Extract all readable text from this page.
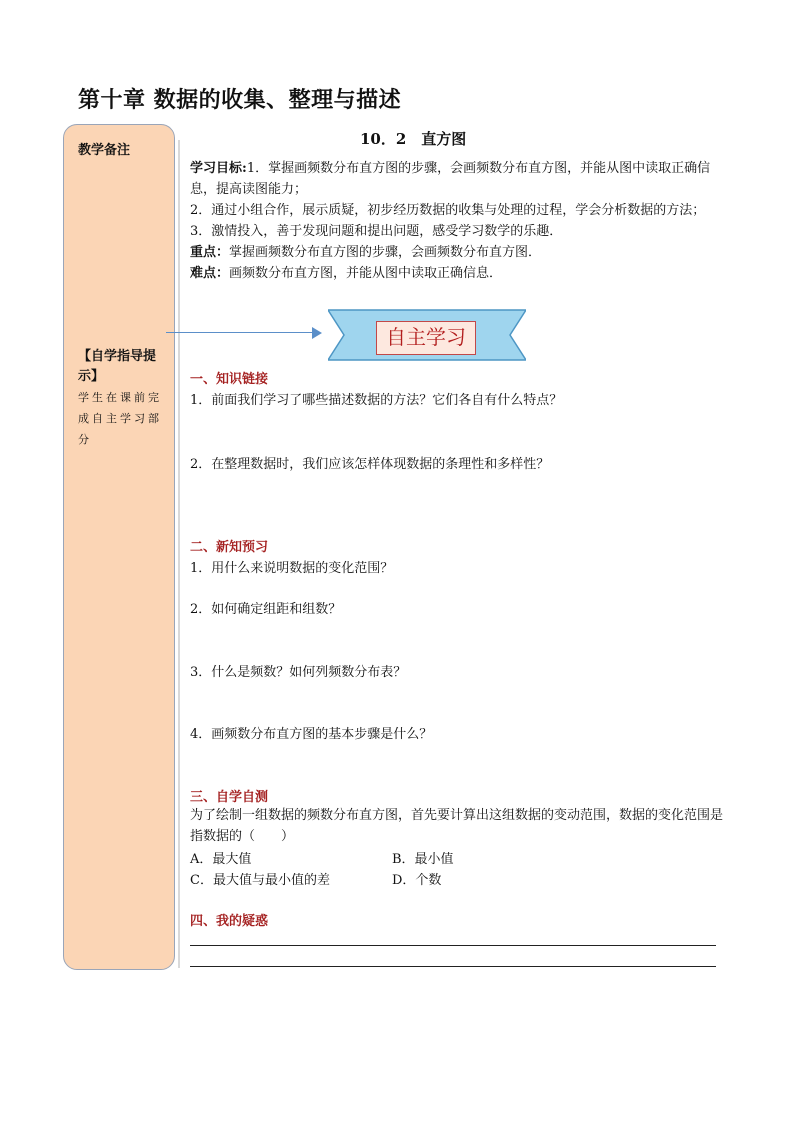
第十章 数据的收集、整理与描述
教学备注
【自学指导提示】
学生在课前完成自主学习部分
10．2　直方图
学习目标:1．掌握画频数分布直方图的步骤，会画频数分布直方图，并能从图中读取正确信息，提高读图能力；
2．通过小组合作，展示质疑，初步经历数据的收集与处理的过程，学会分析数据的方法；
3．激情投入，善于发现问题和提出问题，感受学习数学的乐趣．
重点：掌握画频数分布直方图的步骤，会画频数分布直方图．
难点：画频数分布直方图，并能从图中读取正确信息．
自主学习
一、知识链接
1．前面我们学习了哪些描述数据的方法？它们各自有什么特点？
2．在整理数据时，我们应该怎样体现数据的条理性和多样性？
二、新知预习
1．用什么来说明数据的变化范围？
2．如何确定组距和组数？
3．什么是频数？如何列频数分布表？
4．画频数分布直方图的基本步骤是什么？
三、自学自测
为了绘制一组数据的频数分布直方图，首先要计算出这组数据的变动范围，数据的变化范围是指数据的（　　）
A．最大值	B．最小值
C．最大值与最小值的差	D．个数
四、我的疑惑
